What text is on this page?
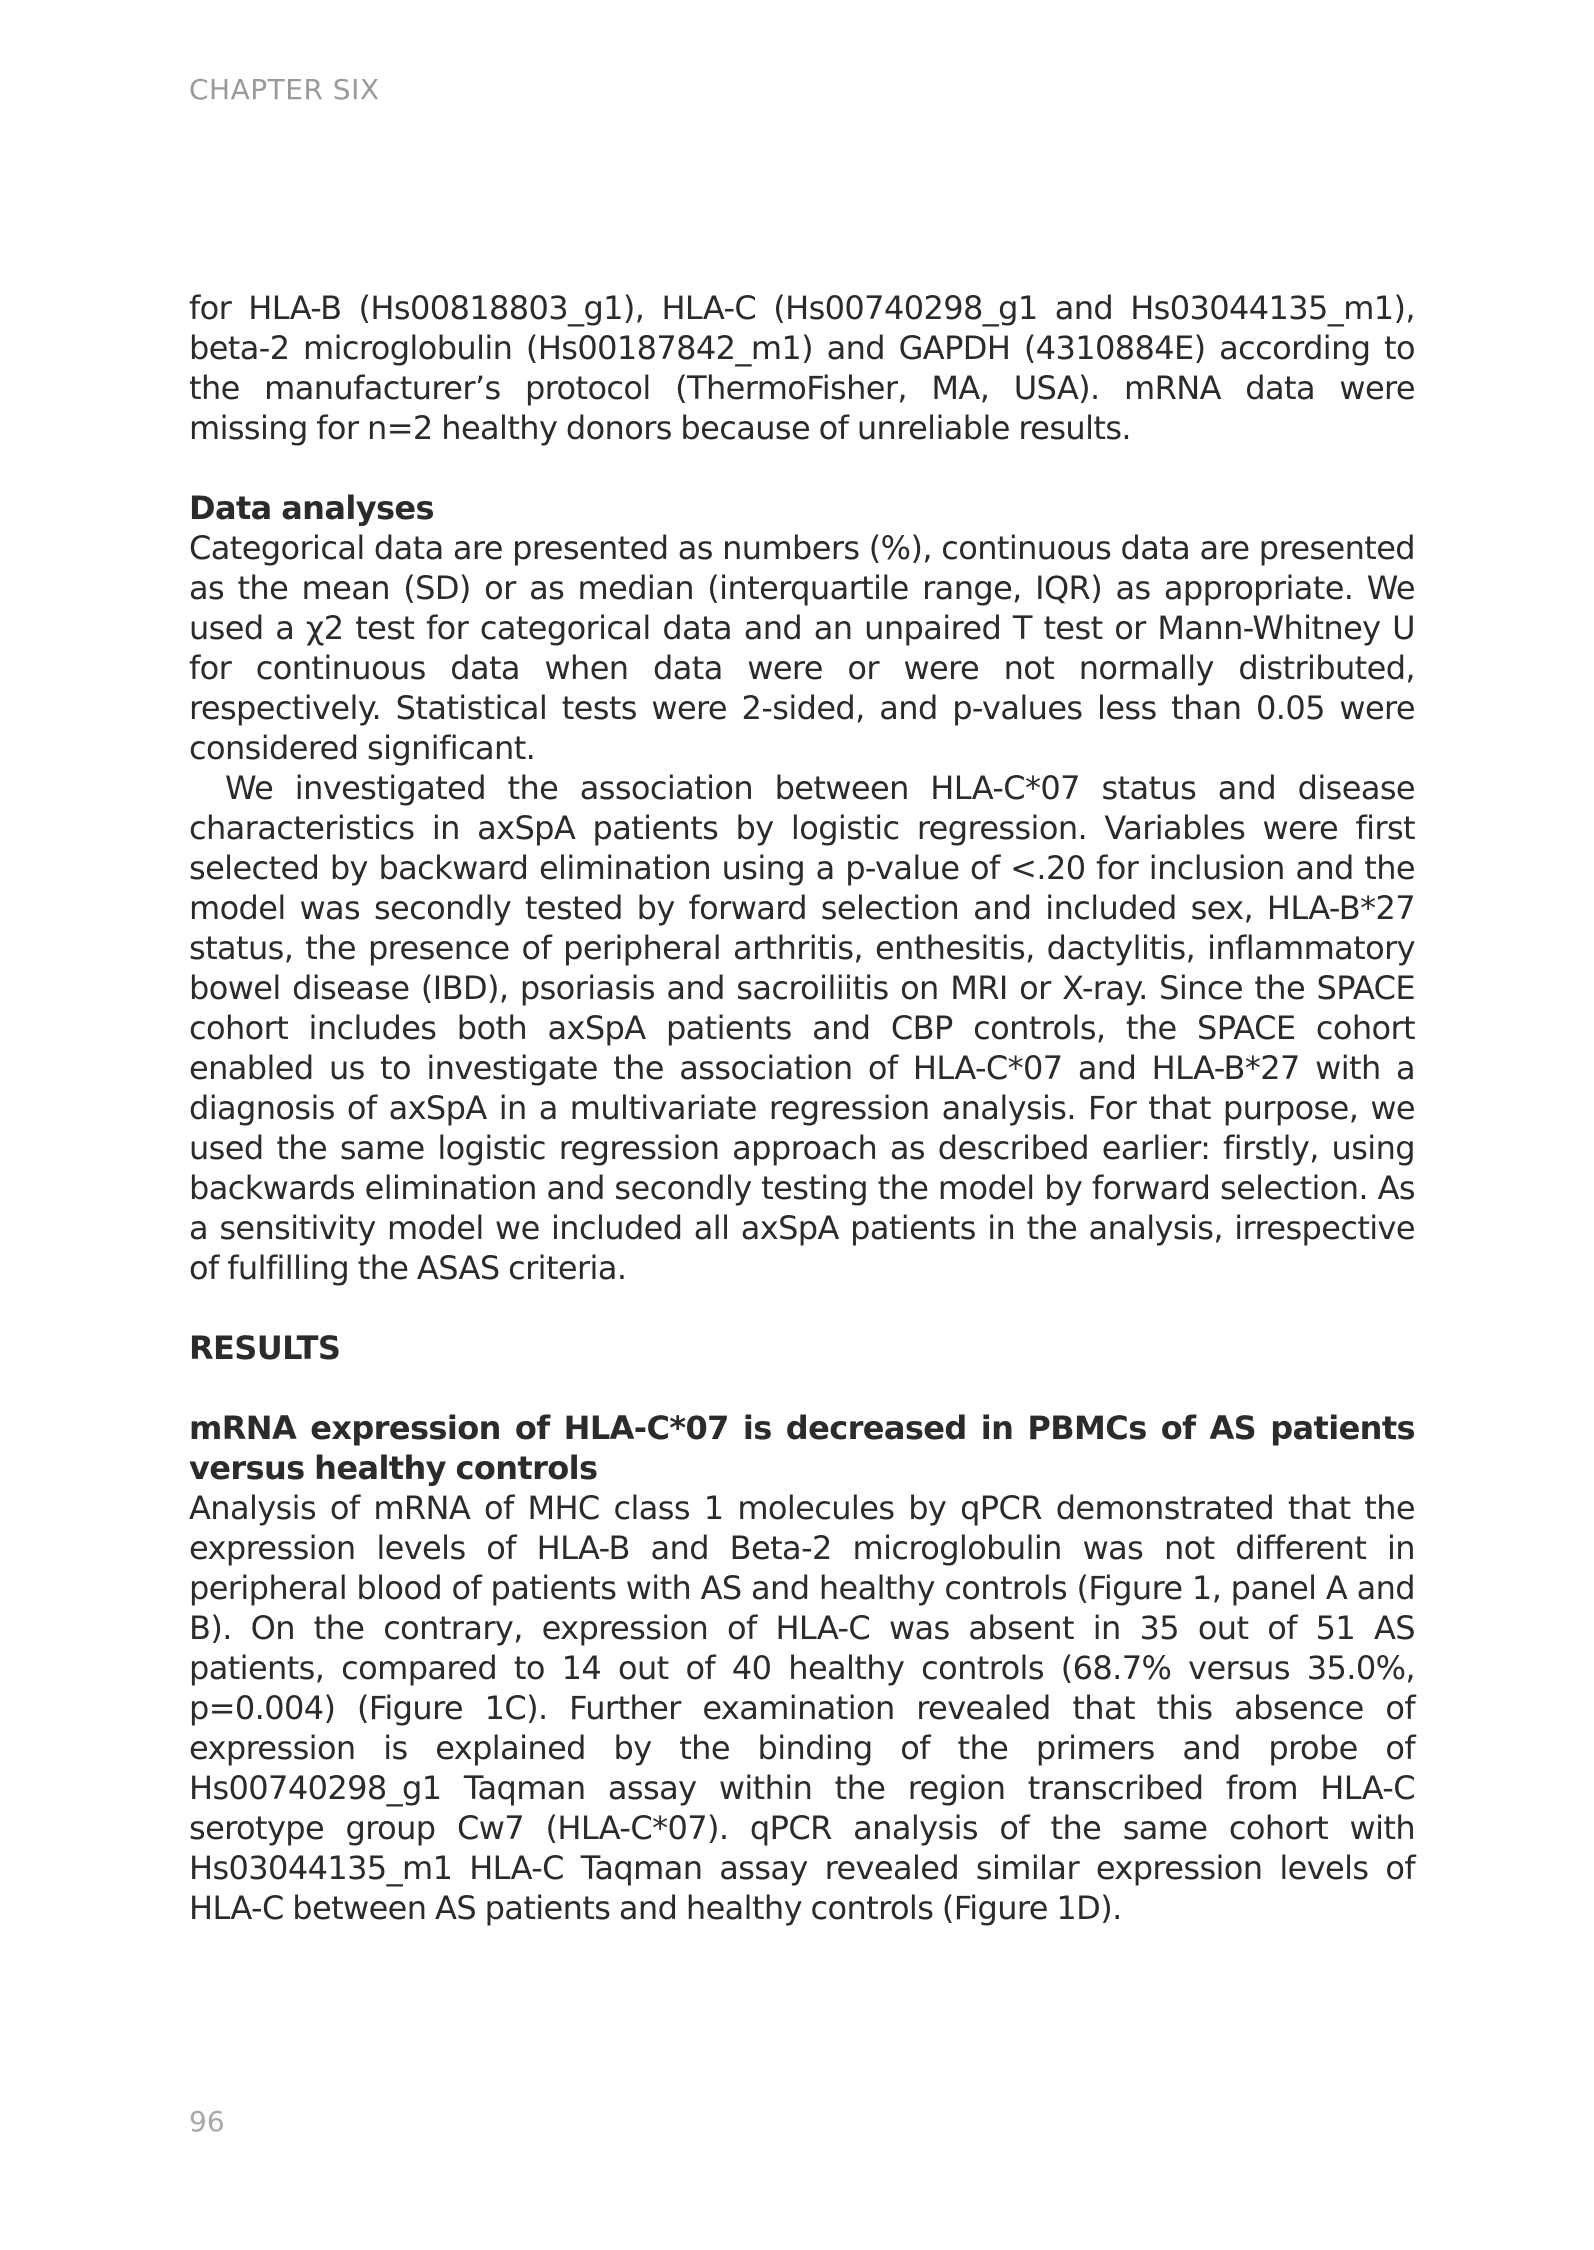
CHAPTER SIX

for HLA-B (Hs00818803_g1), HLA-C (Hs00740298_g1 and Hs03044135_m1), beta-2 microglobulin (Hs00187842_m1) and GAPDH (4310884E) according to the manufacturer’s protocol (ThermoFisher, MA, USA). mRNA data were missing for n=2 healthy donors because of unreliable results.

Data analyses

Categorical data are presented as numbers (%), continuous data are presented as the mean (SD) or as median (interquartile range, IQR) as appropriate. We used a χ2 test for categorical data and an unpaired T test or Mann-Whitney U for continuous data when data were or were not normally distributed, respectively. Statistical tests were 2-sided, and p-values less than 0.05 were considered significant.

We investigated the association between HLA-C*07 status and disease characteristics in axSpA patients by logistic regression. Variables were first selected by backward elimination using a p-value of <.20 for inclusion and the model was secondly tested by forward selection and included sex, HLA-B*27 status, the presence of peripheral arthritis, enthesitis, dactylitis, inflammatory bowel disease (IBD), psoriasis and sacroiliitis on MRI or X-ray. Since the SPACE cohort includes both axSpA patients and CBP controls, the SPACE cohort enabled us to investigate the association of HLA-C*07 and HLA-B*27 with a diagnosis of axSpA in a multivariate regression analysis. For that purpose, we used the same logistic regression approach as described earlier: firstly, using backwards elimination and secondly testing the model by forward selection. As a sensitivity model we included all axSpA patients in the analysis, irrespective of fulfilling the ASAS criteria.

RESULTS
mRNA expression of HLA-C*07 is decreased in PBMCs of AS patients versus healthy controls

Analysis of mRNA of MHC class 1 molecules by qPCR demonstrated that the expression levels of HLA-B and Beta-2 microglobulin was not different in peripheral blood of patients with AS and healthy controls (Figure 1, panel A and B). On the contrary, expression of HLA-C was absent in 35 out of 51 AS patients, compared to 14 out of 40 healthy controls (68.7% versus 35.0%, p=0.004) (Figure 1C). Further examination revealed that this absence of expression is explained by the binding of the primers and probe of Hs00740298_g1 Taqman assay within the region transcribed from HLA-C serotype group Cw7 (HLA-C*07). qPCR analysis of the same cohort with Hs03044135_m1 HLA-C Taqman assay revealed similar expression levels of HLA-C between AS patients and healthy controls (Figure 1D).

96
